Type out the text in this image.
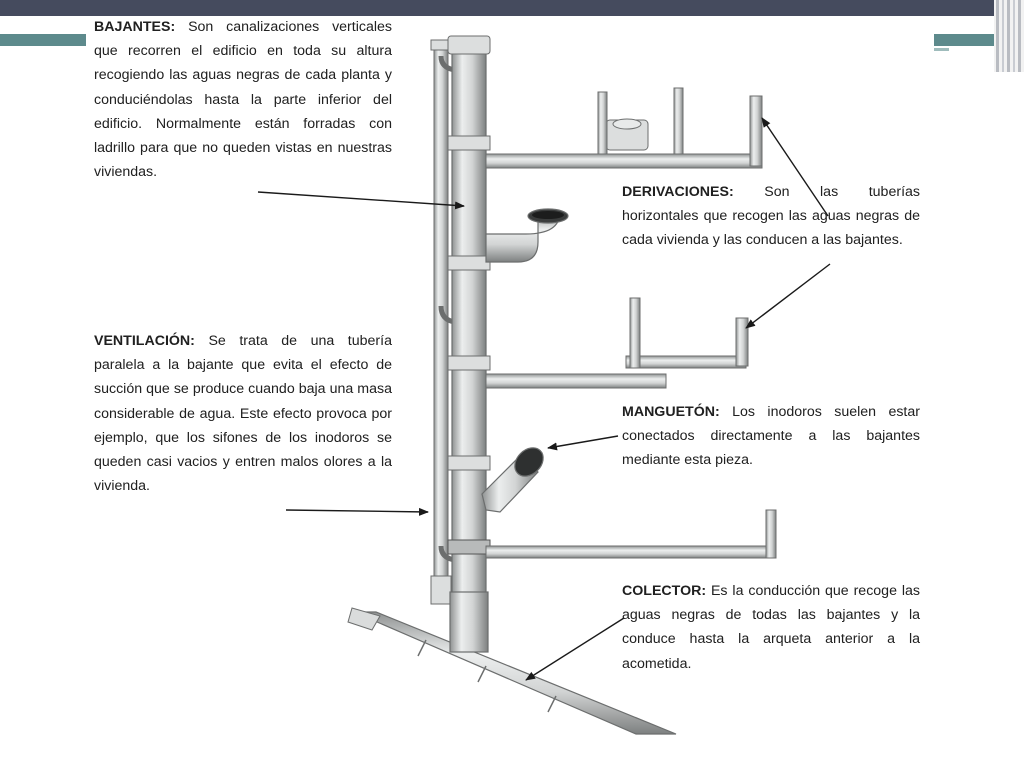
BAJANTES: Son canalizaciones verticales que recorren el edificio en toda su altura recogiendo las aguas negras de cada planta y conduciéndolas hasta la parte inferior del edificio. Normalmente están forradas con ladrillo para que no queden vistas en nuestras viviendas.

DERIVACIONES: Son las tuberías horizontales que recogen las aguas negras de cada vivienda y las conducen a las bajantes.

VENTILACIÓN: Se trata de una tubería paralela a la bajante que evita el efecto de succión que se produce cuando baja una masa considerable de agua. Este efecto provoca por ejemplo, que los sifones de los inodoros se queden casi vacios y entren malos olores a la vivienda.

MANGUETÓN: Los inodoros suelen estar conectados directamente a las bajantes mediante esta pieza.

COLECTOR: Es la conducción que recoge las aguas negras de todas las bajantes y la conduce hasta la arqueta anterior a la acometida.
